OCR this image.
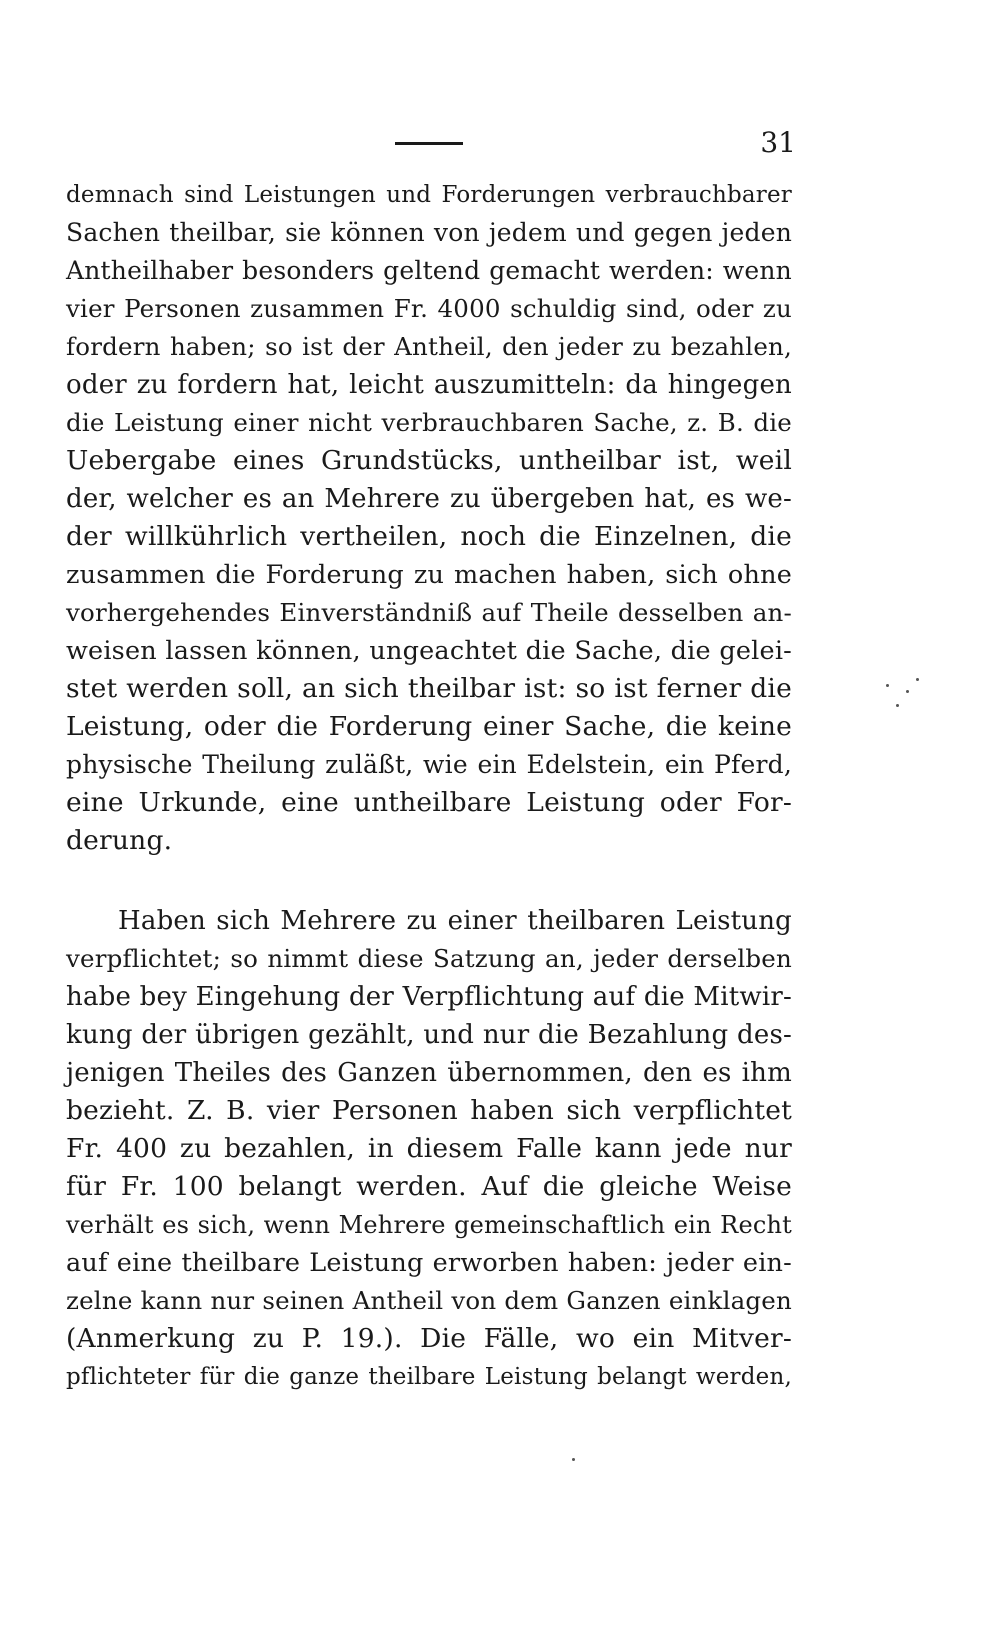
31
demnach sind Leistungen und Forderungen verbrauchbarer
Sachen theilbar, sie können von jedem und gegen jeden
Antheilhaber besonders geltend gemacht werden: wenn
vier Personen zusammen Fr. 4000 schuldig sind, oder zu
fordern haben; so ist der Antheil, den jeder zu bezahlen,
oder zu fordern hat, leicht auszumitteln: da hingegen
die Leistung einer nicht verbrauchbaren Sache, z. B. die
Uebergabe eines Grundstücks, untheilbar ist, weil
der, welcher es an Mehrere zu übergeben hat, es we-
der willkührlich vertheilen, noch die Einzelnen, die
zusammen die Forderung zu machen haben, sich ohne
vorhergehendes Einverständniß auf Theile desselben an-
weisen lassen können, ungeachtet die Sache, die gelei-
stet werden soll, an sich theilbar ist: so ist ferner die
Leistung, oder die Forderung einer Sache, die keine
physische Theilung zuläßt, wie ein Edelstein, ein Pferd,
eine Urkunde, eine untheilbare Leistung oder For-
derung.
Haben sich Mehrere zu einer theilbaren Leistung
verpflichtet; so nimmt diese Satzung an, jeder derselben
habe bey Eingehung der Verpflichtung auf die Mitwir-
kung der übrigen gezählt, und nur die Bezahlung des-
jenigen Theiles des Ganzen übernommen, den es ihm
bezieht. Z. B. vier Personen haben sich verpflichtet
Fr. 400 zu bezahlen, in diesem Falle kann jede nur
für Fr. 100 belangt werden. Auf die gleiche Weise
verhält es sich, wenn Mehrere gemeinschaftlich ein Recht
auf eine theilbare Leistung erworben haben: jeder ein-
zelne kann nur seinen Antheil von dem Ganzen einklagen
(Anmerkung zu P. 19.). Die Fälle, wo ein Mitver-
pflichteter für die ganze theilbare Leistung belangt werden,
